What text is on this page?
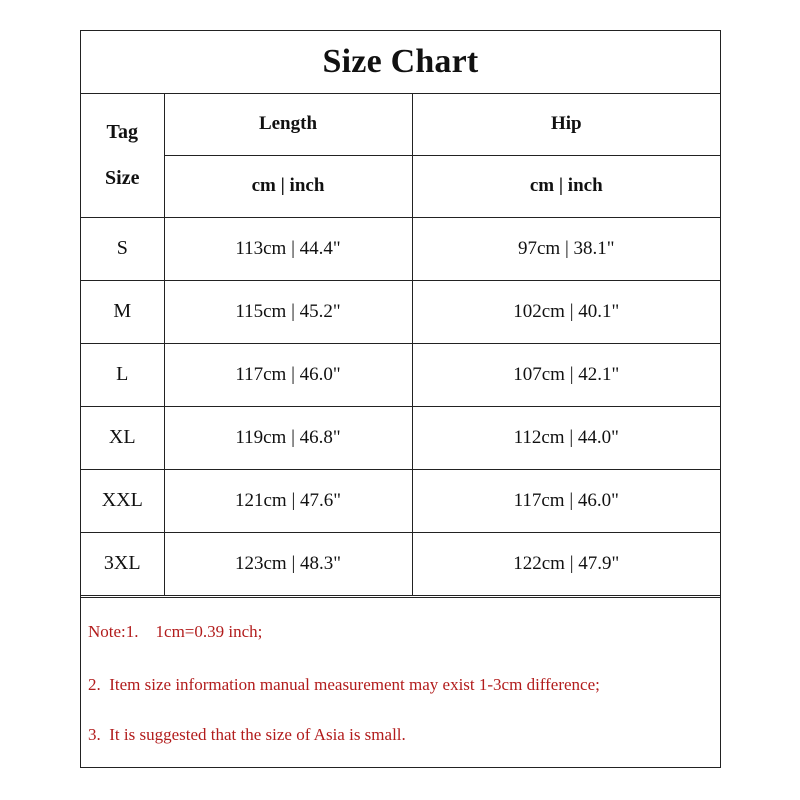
Size Chart
Tag
Size	Length	Hip
	cm | inch	cm | inch
S	113cm | 44.4"	97cm | 38.1"
M	115cm | 45.2"	102cm | 40.1"
L	117cm | 46.0"	107cm | 42.1"
XL	119cm | 46.8"	112cm | 44.0"
XXL	121cm | 47.6"	117cm | 46.0"
3XL	123cm | 48.3"	122cm | 47.9"
Note:1.    1cm=0.39 inch;
2.  Item size information manual measurement may exist 1-3cm difference;
3.  It is suggested that the size of Asia is small.
